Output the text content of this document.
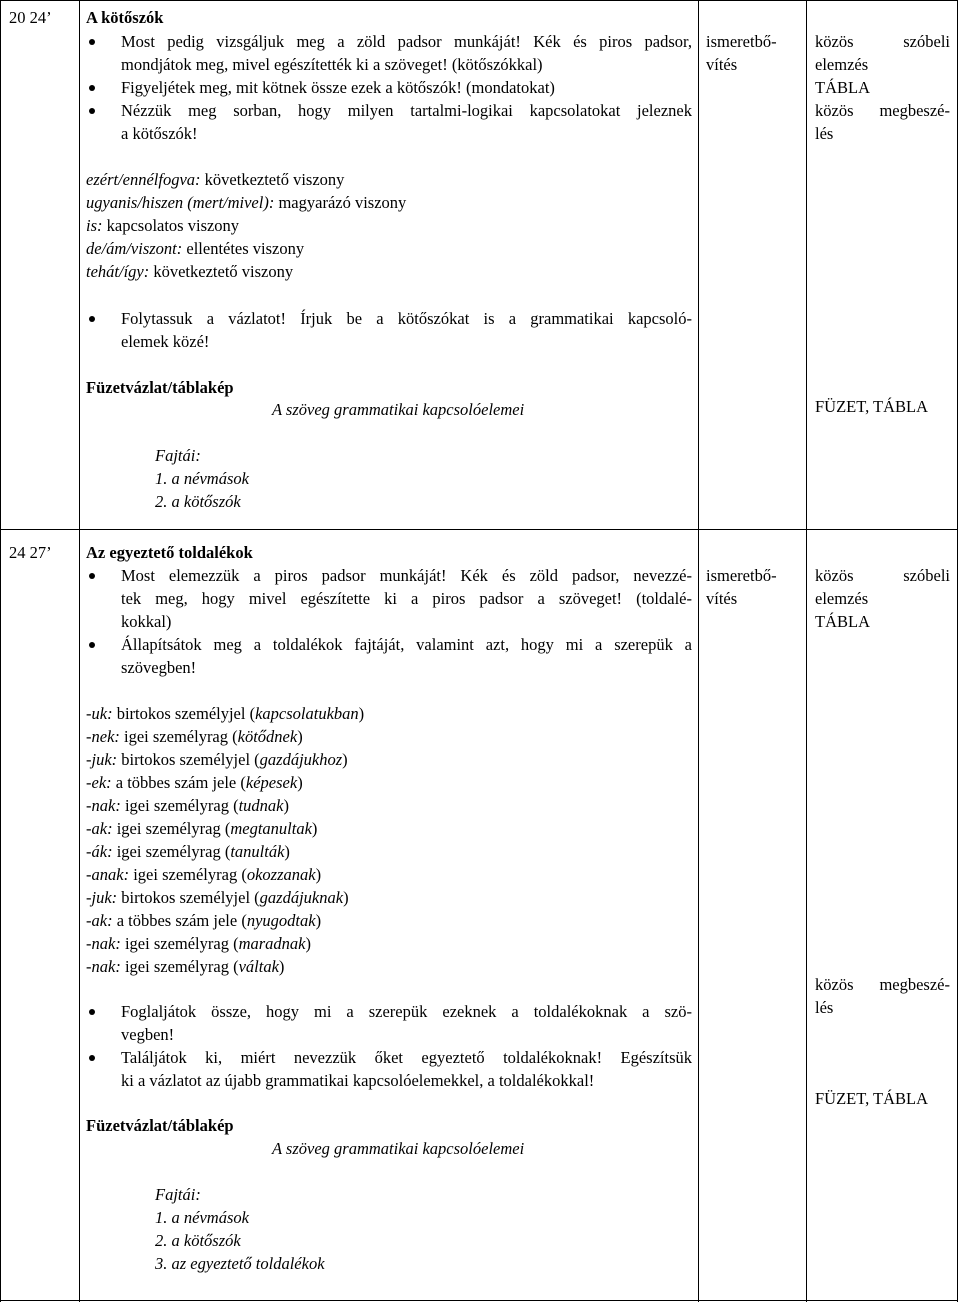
20 24’ A kötőszók
Most pedig vizsgáljuk meg a zöld padsor munkáját! Kék és piros padsor,
mondjátok meg, mivel egészítették ki a szöveget! (kötőszókkal)
Figyeljétek meg, mit kötnek össze ezek a kötőszók! (mondatokat)
Nézzük meg sorban, hogy milyen tartalmi-logikai kapcsolatokat jeleznek
a kötőszók!
ismeretbő-
vítés
közös szóbeli
elemzés
TÁBLA
közös megbeszé-
lés
ezért/ennélfogva: következtető viszony
ugyanis/hiszen (mert/mivel): magyarázó viszony
is: kapcsolatos viszony
de/ám/viszont: ellentétes viszony
tehát/így: következtető viszony
Folytassuk a vázlatot! Írjuk be a kötőszókat is a grammatikai kapcsoló-
elemek közé!
Füzetvázlat/táblakép
A szöveg grammatikai kapcsolóelemei	FÜZET, TÁBLA
Fajtái:
1. a névmások
2. a kötőszók
24 27’ Az egyeztető toldalékok
Most elemezzük a piros padsor munkáját! Kék és zöld padsor, nevezzé-
tek meg, hogy mivel egészítette ki a piros padsor a szöveget! (toldalé-
kokkal)
Állapítsátok meg a toldalékok fajtáját, valamint azt, hogy mi a szerepük a
szövegben!
ismeretbő-
vítés
közös szóbeli
elemzés
TÁBLA
-uk: birtokos személyjel (kapcsolatukban)
-nek: igei személyrag (kötődnek)
-juk: birtokos személyjel (gazdájukhoz)
-ek: a többes szám jele (képesek)
-nak: igei személyrag (tudnak)
-ak: igei személyrag (megtanultak)
-ák: igei személyrag (tanulták)
-anak: igei személyrag (okozzanak)
-juk: birtokos személyjel (gazdájuknak)
-ak: a többes szám jele (nyugodtak)
-nak: igei személyrag (maradnak)
-nak: igei személyrag (váltak)
Foglaljátok össze, hogy mi a szerepük ezeknek a toldalékoknak a szö-
vegben!
Találjátok ki, miért nevezzük őket egyeztető toldalékoknak! Egészítsük
ki a vázlatot az újabb grammatikai kapcsolóelemekkel, a toldalékokkal!
közös megbeszé-
lés
FÜZET, TÁBLA
Füzetvázlat/táblakép
A szöveg grammatikai kapcsolóelemei
Fajtái:
1. a névmások
2. a kötőszók
3. az egyeztető toldalékok
